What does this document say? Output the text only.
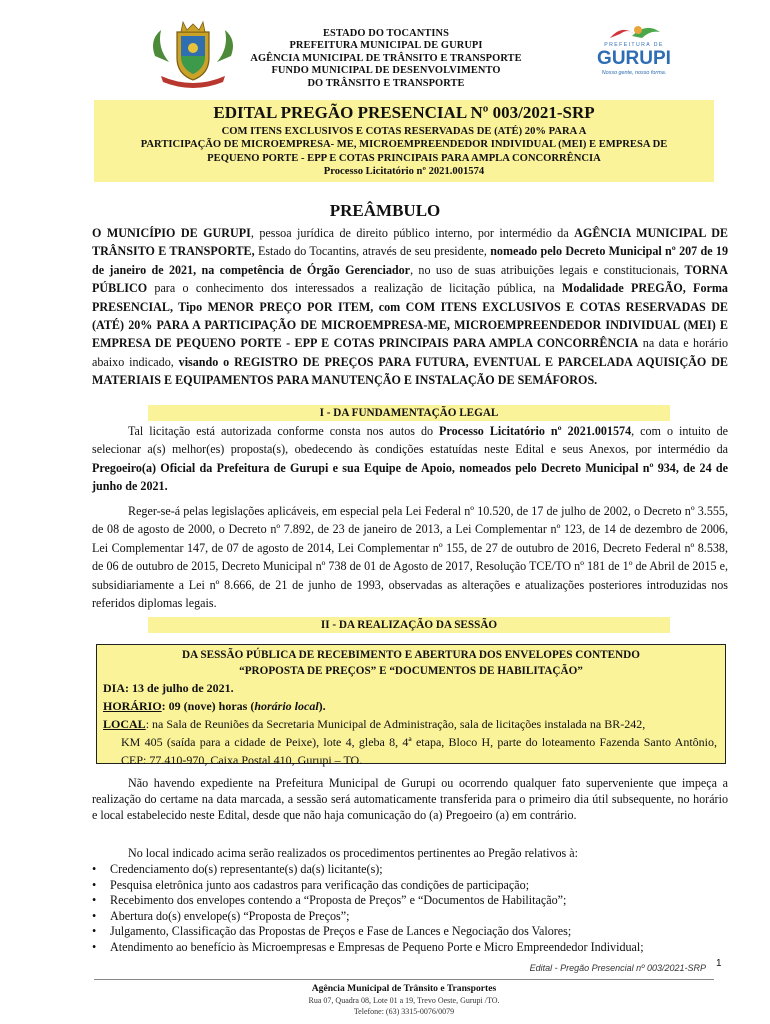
ESTADO DO TOCANTINS
PREFEITURA MUNICIPAL DE GURUPI
AGÊNCIA MUNICIPAL DE TRÂNSITO E TRANSPORTE
FUNDO MUNICIPAL DE DESENVOLVIMENTO
DO TRÂNSITO E TRANSPORTE
PREFEITURA DE
GURUPI
Nosso gente, nosso forma.
EDITAL PREGÃO PRESENCIAL Nº 003/2021-SRP
COM ITENS EXCLUSIVOS E COTAS RESERVADAS DE (ATÉ) 20% PARA A
PARTICIPAÇÃO DE MICROEMPRESA- ME, MICROEMPREENDEDOR INDIVIDUAL (MEI) E EMPRESA DE
PEQUENO PORTE - EPP E COTAS PRINCIPAIS PARA AMPLA CONCORRÊNCIA
Processo Licitatório nº 2021.001574
PREÂMBULO
O MUNICÍPIO DE GURUPI, pessoa jurídica de direito público interno, por intermédio da AGÊNCIA MUNICIPAL DE TRÂNSITO E TRANSPORTE, Estado do Tocantins, através de seu presidente, nomeado pelo Decreto Municipal nº 207 de 19 de janeiro de 2021, na competência de Órgão Gerenciador, no uso de suas atribuições legais e constitucionais, TORNA PÚBLICO para o conhecimento dos interessados a realização de licitação pública, na Modalidade PREGÃO, Forma PRESENCIAL, Tipo MENOR PREÇO POR ITEM, com COM ITENS EXCLUSIVOS E COTAS RESERVADAS DE (ATÉ) 20% PARA A PARTICIPAÇÃO DE MICROEMPRESA-ME, MICROEMPREENDEDOR INDIVIDUAL (MEI) E EMPRESA DE PEQUENO PORTE - EPP E COTAS PRINCIPAIS PARA AMPLA CONCORRÊNCIA na data e horário abaixo indicado, visando o REGISTRO DE PREÇOS PARA FUTURA, EVENTUAL E PARCELADA AQUISIÇÃO DE MATERIAIS E EQUIPAMENTOS PARA MANUTENÇÃO E INSTALAÇÃO DE SEMÁFOROS.
I - DA FUNDAMENTAÇÃO LEGAL
Tal licitação está autorizada conforme consta nos autos do Processo Licitatório nº 2021.001574, com o intuito de selecionar a(s) melhor(es) proposta(s), obedecendo às condições estatuídas neste Edital e seus Anexos, por intermédio da Pregoeiro(a) Oficial da Prefeitura de Gurupi e sua Equipe de Apoio, nomeados pelo Decreto Municipal nº 934, de 24 de junho de 2021.
Reger-se-á pelas legislações aplicáveis, em especial pela Lei Federal nº 10.520, de 17 de julho de 2002, o Decreto nº 3.555, de 08 de agosto de 2000, o Decreto nº 7.892, de 23 de janeiro de 2013, a Lei Complementar nº 123, de 14 de dezembro de 2006, Lei Complementar 147, de 07 de agosto de 2014, Lei Complementar nº 155, de 27 de outubro de 2016, Decreto Federal nº 8.538, de 06 de outubro de 2015, Decreto Municipal nº 738 de 01 de Agosto de 2017, Resolução TCE/TO nº 181 de 1º de Abril de 2015 e, subsidiariamente a Lei nº 8.666, de 21 de junho de 1993, observadas as alterações e atualizações posteriores introduzidas nos referidos diplomas legais.
II - DA REALIZAÇÃO DA SESSÃO
DA SESSÃO PÚBLICA DE RECEBIMENTO E ABERTURA DOS ENVELOPES CONTENDO
“PROPOSTA DE PREÇOS” E “DOCUMENTOS DE HABILITAÇÃO”
DIA: 13 de julho de 2021.
HORÁRIO: 09 (nove) horas (horário local).
LOCAL: na Sala de Reuniões da Secretaria Municipal de Administração, sala de licitações instalada na BR-242,
KM 405 (saída para a cidade de Peixe), lote 4, gleba 8, 4ª etapa, Bloco H, parte do loteamento Fazenda Santo Antônio, CEP: 77.410-970, Caixa Postal 410, Gurupi – TO.
Não havendo expediente na Prefeitura Municipal de Gurupi ou ocorrendo qualquer fato superveniente que impeça a realização do certame na data marcada, a sessão será automaticamente transferida para o primeiro dia útil subsequente, no horário e local estabelecido neste Edital, desde que não haja comunicação do (a) Pregoeiro (a) em contrário.
No local indicado acima serão realizados os procedimentos pertinentes ao Pregão relativos à:
• Credenciamento do(s) representante(s) da(s) licitante(s);
• Pesquisa eletrônica junto aos cadastros para verificação das condições de participação;
• Recebimento dos envelopes contendo a “Proposta de Preços” e “Documentos de Habilitação”;
• Abertura do(s) envelope(s) “Proposta de Preços”;
• Julgamento, Classificação das Propostas de Preços e Fase de Lances e Negociação dos Valores;
• Atendimento ao benefício às Microempresas e Empresas de Pequeno Porte e Micro Empreendedor Individual;
1
Edital - Pregão Presencial nº 003/2021-SRP
Agência Municipal de Trânsito e Transportes
Rua 07, Quadra 08, Lote 01 a 19, Trevo Oeste, Gurupi /TO.
Telefone: (63) 3315-0076/0079
